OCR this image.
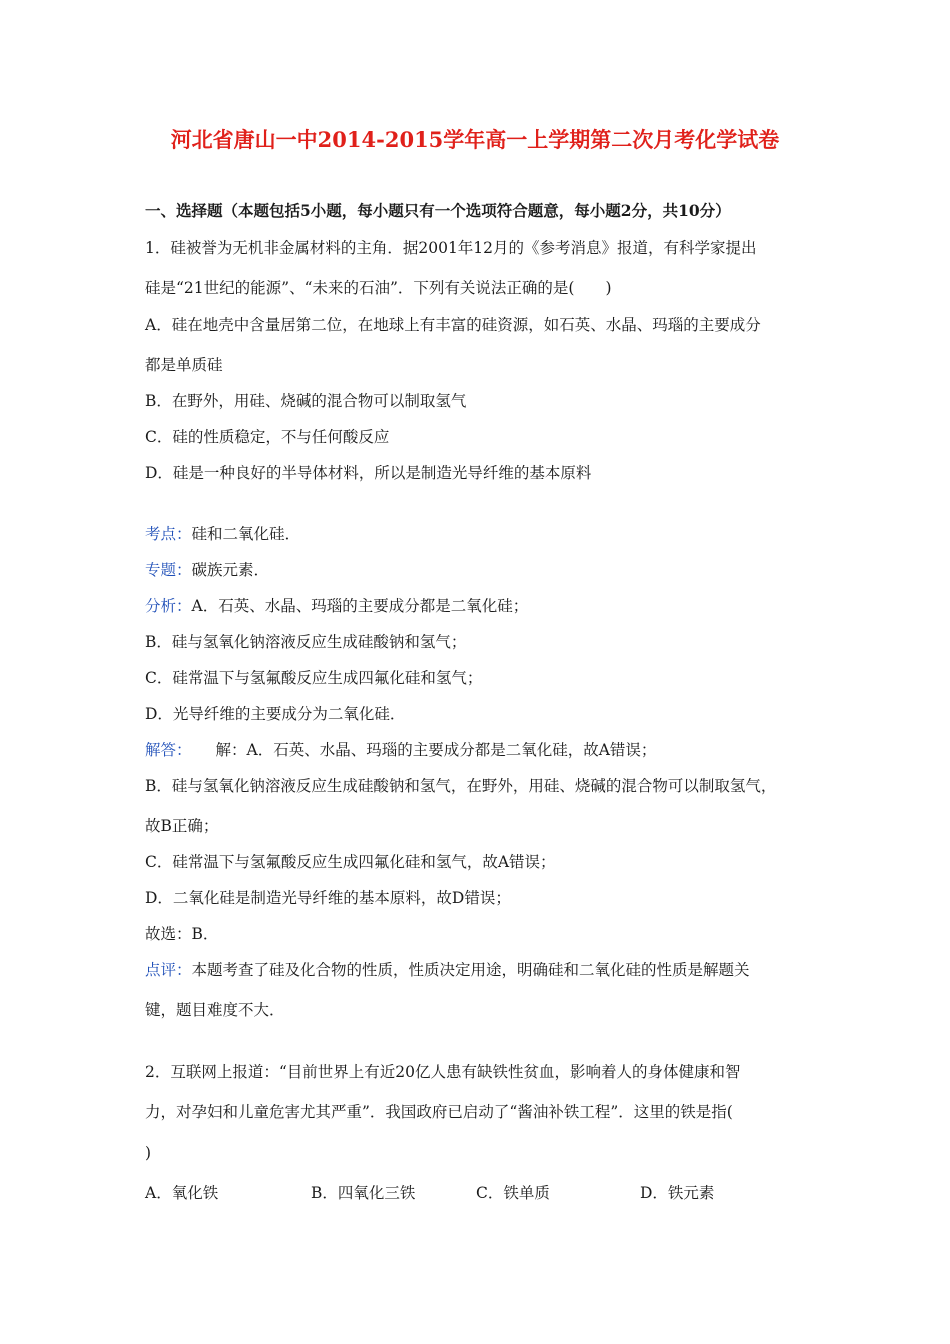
河北省唐山一中2014-2015学年高一上学期第二次月考化学试卷
一、选择题（本题包括5小题，每小题只有一个选项符合题意，每小题2分，共10分）
1．硅被誉为无机非金属材料的主角．据2001年12月的《参考消息》报道，有科学家提出
硅是“21世纪的能源”、“未来的石油”．下列有关说法正确的是(　　)
A．硅在地壳中含量居第二位，在地球上有丰富的硅资源，如石英、水晶、玛瑙的主要成分
都是单质硅
B．在野外，用硅、烧碱的混合物可以制取氢气
C．硅的性质稳定，不与任何酸反应
D．硅是一种良好的半导体材料，所以是制造光导纤维的基本原料
考点：硅和二氧化硅．
专题：碳族元素．
分析：A．石英、水晶、玛瑙的主要成分都是二氧化硅；
B．硅与氢氧化钠溶液反应生成硅酸钠和氢气；
C．硅常温下与氢氟酸反应生成四氟化硅和氢气；
D．光导纤维的主要成分为二氧化硅．
解答： 解：A．石英、水晶、玛瑙的主要成分都是二氧化硅，故A错误；
B．硅与氢氧化钠溶液反应生成硅酸钠和氢气，在野外，用硅、烧碱的混合物可以制取氢气，
故B正确；
C．硅常温下与氢氟酸反应生成四氟化硅和氢气，故A错误；
D．二氧化硅是制造光导纤维的基本原料，故D错误；
故选：B．
点评：本题考查了硅及化合物的性质，性质决定用途，明确硅和二氧化硅的性质是解题关
键，题目难度不大．
2．互联网上报道：“目前世界上有近20亿人患有缺铁性贫血，影响着人的身体健康和智
力，对孕妇和儿童危害尤其严重”．我国政府已启动了“酱油补铁工程”．这里的铁是指(
)
A．氧化铁	B．四氧化三铁	C．铁单质	D．铁元素
